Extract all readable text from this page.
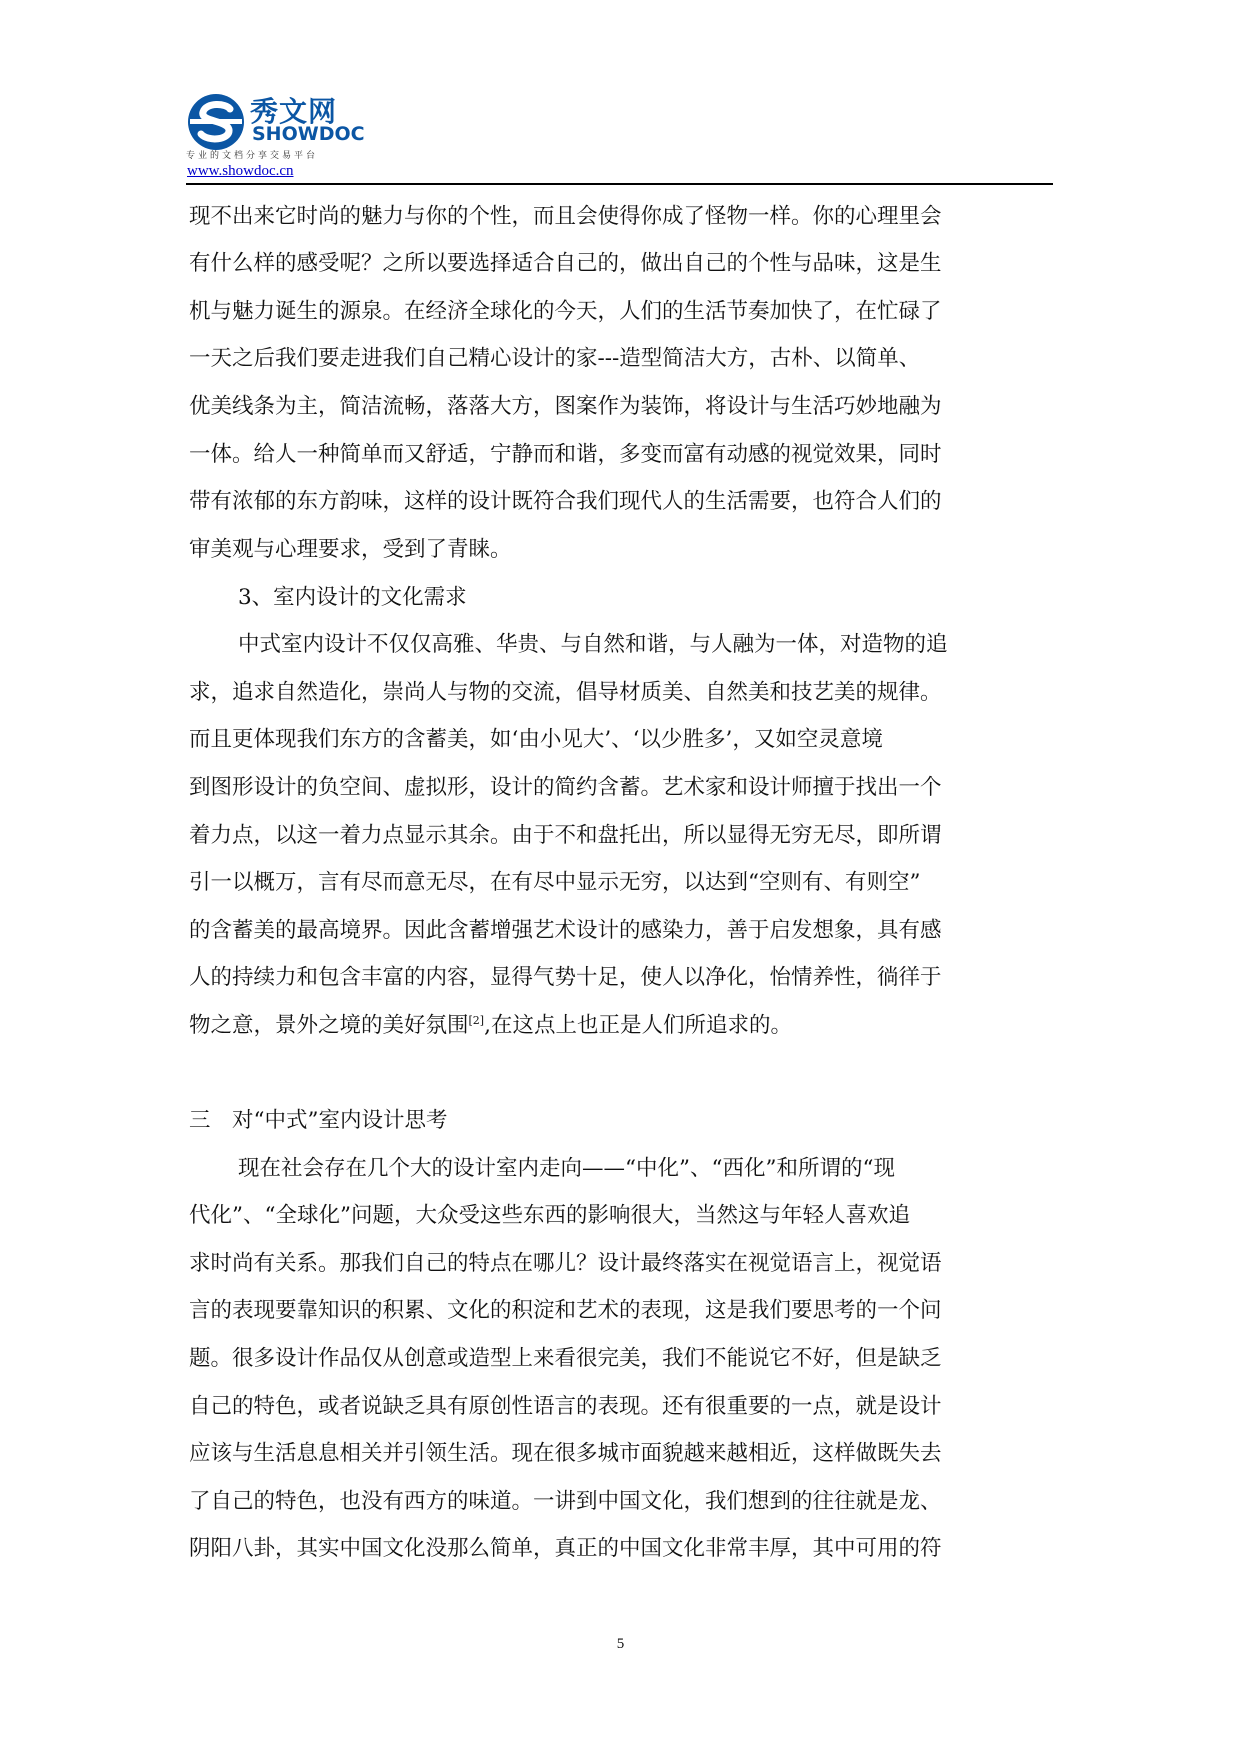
秀文网
SHOWDOC
专业的文档分享交易平台
www.showdoc.cn
现不出来它时尚的魅力与你的个性，而且会使得你成了怪物一样。你的心理里会
有什么样的感受呢？之所以要选择适合自己的，做出自己的个性与品味，这是生
机与魅力诞生的源泉。在经济全球化的今天，人们的生活节奏加快了，在忙碌了
一天之后我们要走进我们自己精心设计的家---造型简洁大方，古朴、以简单、
优美线条为主，简洁流畅，落落大方，图案作为装饰，将设计与生活巧妙地融为
一体。给人一种简单而又舒适，宁静而和谐，多变而富有动感的视觉效果，同时
带有浓郁的东方韵味，这样的设计既符合我们现代人的生活需要，也符合人们的
审美观与心理要求，受到了青睐。
3、室内设计的文化需求
中式室内设计不仅仅高雅、华贵、与自然和谐，与人融为一体，对造物的追
求，追求自然造化，崇尚人与物的交流，倡导材质美、自然美和技艺美的规律。
而且更体现我们东方的含蓄美，如‘由小见大’、‘以少胜多’，又如空灵意境
到图形设计的负空间、虚拟形，设计的简约含蓄。艺术家和设计师擅于找出一个
着力点，以这一着力点显示其余。由于不和盘托出，所以显得无穷无尽，即所谓
引一以概万，言有尽而意无尽，在有尽中显示无穷，以达到“空则有、有则空”
的含蓄美的最高境界。因此含蓄增强艺术设计的感染力，善于启发想象，具有感
人的持续力和包含丰富的内容，显得气势十足，使人以净化，怡情养性，徜徉于
物之意，景外之境的美好氛围[2],在这点上也正是人们所追求的。
三　对“中式”室内设计思考
现在社会存在几个大的设计室内走向——“中化”、“西化”和所谓的“现
代化”、“全球化”问题，大众受这些东西的影响很大，当然这与年轻人喜欢追
求时尚有关系。那我们自己的特点在哪儿？设计最终落实在视觉语言上，视觉语
言的表现要靠知识的积累、文化的积淀和艺术的表现，这是我们要思考的一个问
题。很多设计作品仅从创意或造型上来看很完美，我们不能说它不好，但是缺乏
自己的特色，或者说缺乏具有原创性语言的表现。还有很重要的一点，就是设计
应该与生活息息相关并引领生活。现在很多城市面貌越来越相近，这样做既失去
了自己的特色，也没有西方的味道。一讲到中国文化，我们想到的往往就是龙、
阴阳八卦，其实中国文化没那么简单，真正的中国文化非常丰厚，其中可用的符
5
